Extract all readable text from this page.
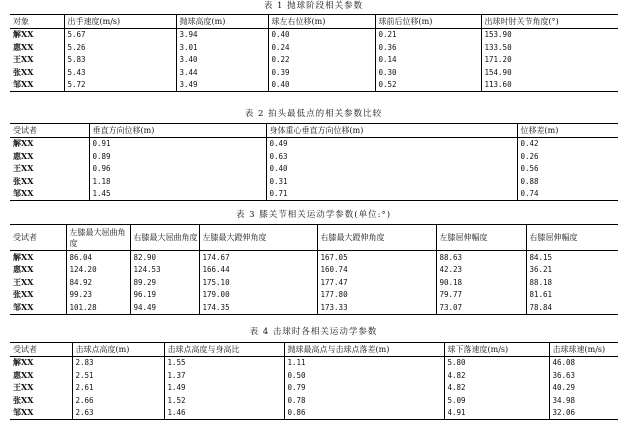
表 1 抛球阶段相关参数
对象	出手速度(m/s)	抛球高度(m)	球左右位移(m)	球前后位移(m)	出球时肘关节角度(°)
解XX	5.67	3.94	0.40	0.21	153.90
惠XX	5.26	3.01	0.24	0.36	133.50
王XX	5.83	3.40	0.22	0.14	171.20
张XX	5.43	3.44	0.39	0.30	154.90
邹XX	5.72	3.49	0.40	0.52	113.60
表 2 拍头最低点的相关参数比较
受试者	垂直方向位移(m)	身体重心垂直方向位移(m)	位移差(m)
解XX	0.91	0.49	0.42
惠XX	0.89	0.63	0.26
王XX	0.96	0.40	0.56
张XX	1.18	0.31	0.88
邹XX	1.45	0.71	0.74
表 3 膝关节相关运动学参数(单位:°)
受试者	左膝最大屈曲角度	右膝最大屈曲角度	左膝最大蹬伸角度	右膝最大蹬伸角度	左膝屈伸幅度	右膝屈伸幅度
解XX	86.04	82.90	174.67	167.05	88.63	84.15
惠XX	124.20	124.53	166.44	160.74	42.23	36.21
王XX	84.92	89.29	175.10	177.47	90.18	88.18
张XX	99.23	96.19	179.00	177.80	79.77	81.61
邹XX	101.28	94.49	174.35	173.33	73.07	78.84
表 4 击球时各相关运动学参数
受试者	击球点高度(m)	击球点高度与身高比	抛球最高点与击球点落差(m)	球下落速度(m/s)	击球球速(m/s)
解XX	2.83	1.55	1.11	5.80	46.08
惠XX	2.51	1.37	0.50	4.82	36.63
王XX	2.61	1.49	0.79	4.82	40.29
张XX	2.66	1.52	0.78	5.09	34.98
邹XX	2.63	1.46	0.86	4.91	32.06
